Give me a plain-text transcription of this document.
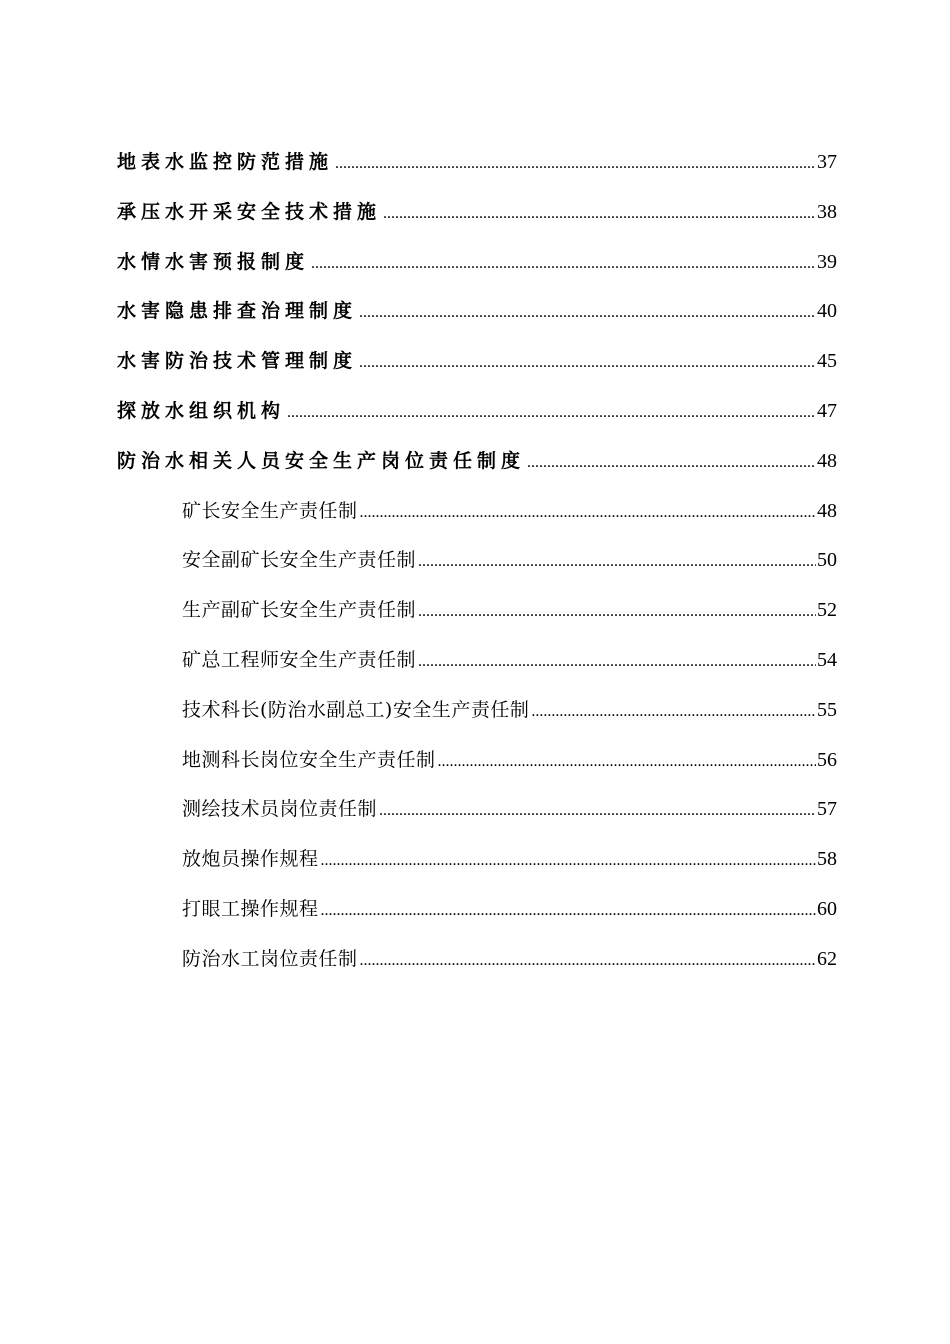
地表水监控防范措施 .....	37
承压水开采安全技术措施 .....	38
水情水害预报制度 .....	39
水害隐患排查治理制度 .....	40
水害防治技术管理制度 .....	45
探放水组织机构 .....	47
防治水相关人员安全生产岗位责任制度 .....	48
矿长安全生产责任制 .....	48
安全副矿长安全生产责任制 .....	50
生产副矿长安全生产责任制 .....	52
矿总工程师安全生产责任制 .....	54
技术科长(防治水副总工)安全生产责任制 .....	55
地测科长岗位安全生产责任制 .....	56
测绘技术员岗位责任制 .....	57
放炮员操作规程 .....	58
打眼工操作规程 .....	60
防治水工岗位责任制 .....	62
